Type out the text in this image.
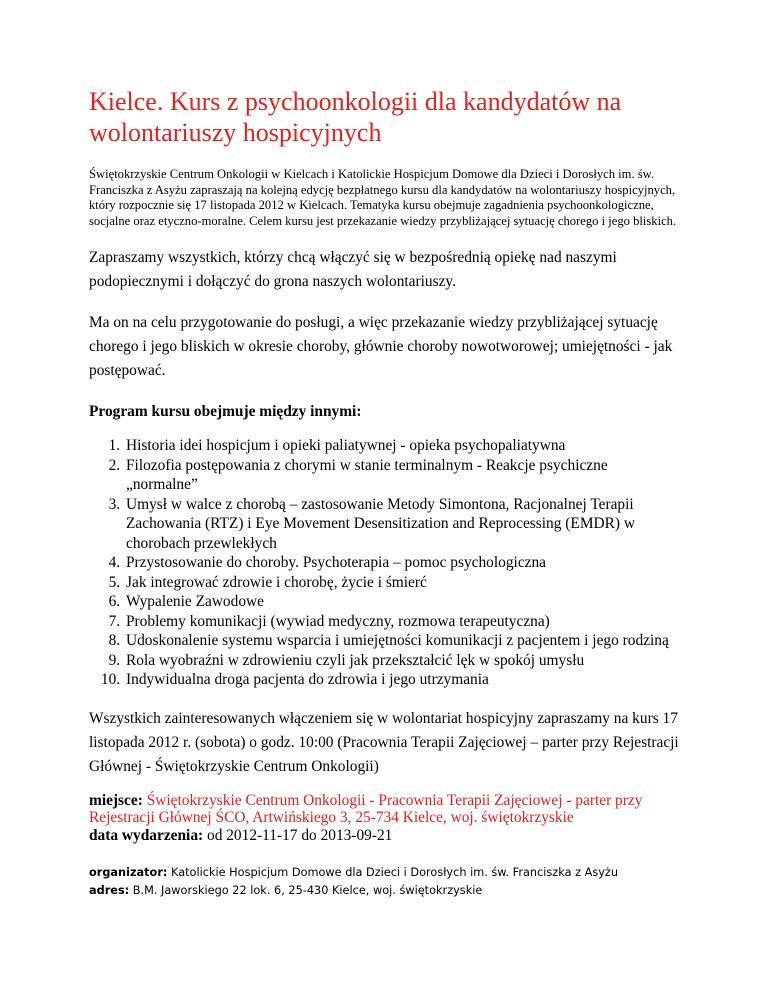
Kielce. Kurs z psychoonkologii dla kandydatów na wolontariuszy hospicyjnych

Świętokrzyskie Centrum Onkologii w Kielcach i Katolickie Hospicjum Domowe dla Dzieci i Dorosłych im. św. Franciszka z Asyżu zapraszają na kolejną edycję bezpłatnego kursu dla kandydatów na wolontariuszy hospicyjnych, który rozpocznie się 17 listopada 2012 w Kielcach. Tematyka kursu obejmuje zagadnienia psychoonkologiczne, socjalne oraz etyczno-moralne. Celem kursu jest przekazanie wiedzy przybliżającej sytuację chorego i jego bliskich.

Zapraszamy wszystkich, którzy chcą włączyć się w bezpośrednią opiekę nad naszymi podopiecznymi i dołączyć do grona naszych wolontariuszy.

Ma on na celu przygotowanie do posługi, a więc przekazanie wiedzy przybliżającej sytuację chorego i jego bliskich w okresie choroby, głównie choroby nowotworowej; umiejętności - jak postępować.

Program kursu obejmuje między innymi:

1. Historia idei hospicjum i opieki paliatywnej - opieka psychopaliatywna
2. Filozofia postępowania z chorymi w stanie terminalnym - Reakcje psychiczne „normalne”
3. Umysł w walce z chorobą – zastosowanie Metody Simontona, Racjonalnej Terapii Zachowania (RTZ) i Eye Movement Desensitization and Reprocessing (EMDR) w chorobach przewlekłych
4. Przystosowanie do choroby. Psychoterapia – pomoc psychologiczna
5. Jak integrować zdrowie i chorobę, życie i śmierć
6. Wypalenie Zawodowe
7. Problemy komunikacji (wywiad medyczny, rozmowa terapeutyczna)
8. Udoskonalenie systemu wsparcia i umiejętności komunikacji z pacjentem i jego rodziną
9. Rola wyobraźni w zdrowieniu czyli jak przekształcić lęk w spokój umysłu
10. Indywidualna droga pacjenta do zdrowia i jego utrzymania

Wszystkich zainteresowanych włączeniem się w wolontariat hospicyjny zapraszamy na kurs 17 listopada 2012 r. (sobota) o godz. 10:00 (Pracownia Terapii Zajęciowej – parter przy Rejestracji Głównej - Świętokrzyskie Centrum Onkologii)

miejsce: Świętokrzyskie Centrum Onkologii - Pracownia Terapii Zajęciowej - parter przy Rejestracji Głównej ŚCO, Artwińskiego 3, 25-734 Kielce, woj. świętokrzyskie
data wydarzenia: od 2012-11-17 do 2013-09-21
organizator: Katolickie Hospicjum Domowe dla Dzieci i Dorosłych im. św. Franciszka z Asyżu
adres: B.M. Jaworskiego 22 lok. 6, 25-430 Kielce, woj. świętokrzyskie
